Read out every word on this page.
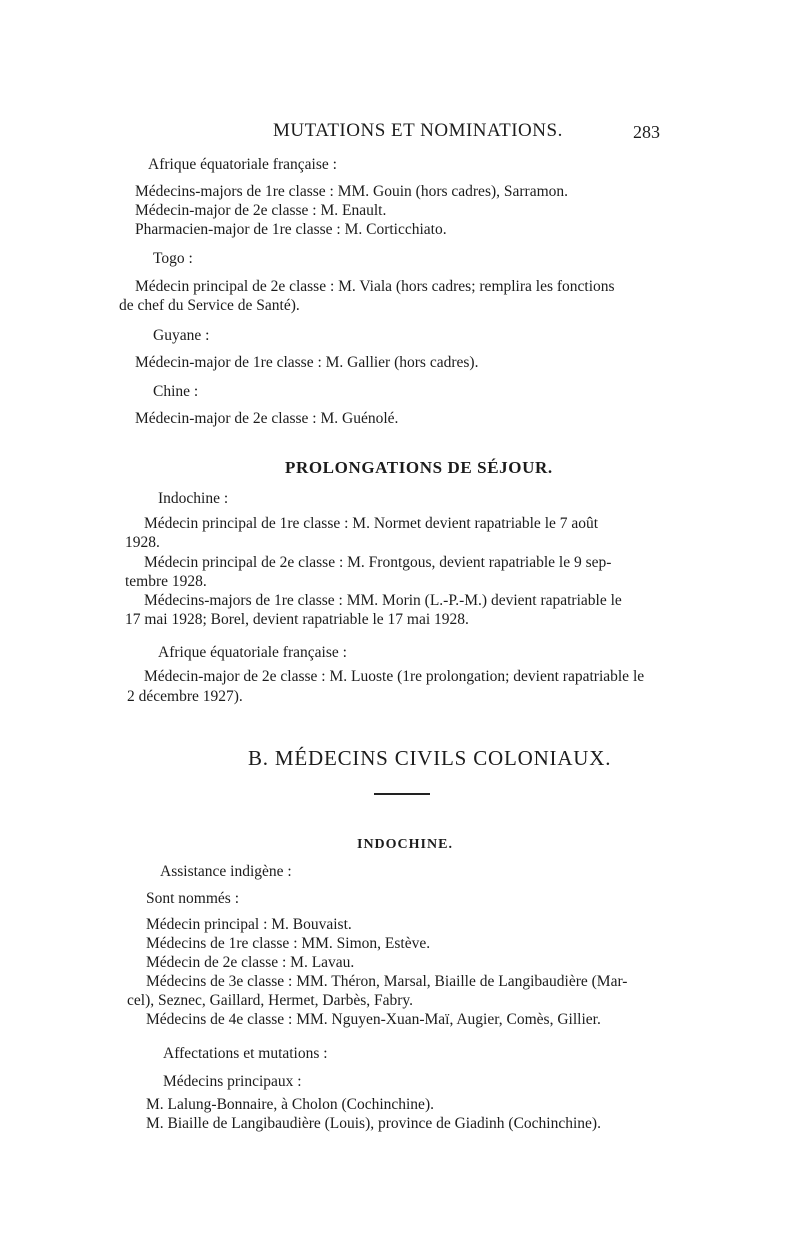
MUTATIONS ET NOMINATIONS.	283
Afrique équatoriale française :
Médecins-majors de 1re classe : MM. Gouin (hors cadres), Sarramon.
Médecin-major de 2e classe : M. Enault.
Pharmacien-major de 1re classe : M. Corticchiato.
Togo :
Médecin principal de 2e classe : M. Viala (hors cadres; remplira les fonctions
de chef du Service de Santé).
Guyane :
Médecin-major de 1re classe : M. Gallier (hors cadres).
Chine :
Médecin-major de 2e classe : M. Guénolé.
PROLONGATIONS DE SÉJOUR.
Indochine :
Médecin principal de 1re classe : M. Normet devient rapatriable le 7 août
1928.
Médecin principal de 2e classe : M. Frontgous, devient rapatriable le 9 sep-
tembre 1928.
Médecins-majors de 1re classe : MM. Morin (L.-P.-M.) devient rapatriable le
17 mai 1928; Borel, devient rapatriable le 17 mai 1928.
Afrique équatoriale française :
Médecin-major de 2e classe : M. Luoste (1re prolongation; devient rapatriable le
2 décembre 1927).
B. MÉDECINS CIVILS COLONIAUX.
INDOCHINE.
Assistance indigène :
Sont nommés :
Médecin principal : M. Bouvaist.
Médecins de 1re classe : MM. Simon, Estève.
Médecin de 2e classe : M. Lavau.
Médecins de 3e classe : MM. Théron, Marsal, Biaille de Langibaudière (Mar-
cel), Seznec, Gaillard, Hermet, Darbès, Fabry.
Médecins de 4e classe : MM. Nguyen-Xuan-Maï, Augier, Comès, Gillier.
Affectations et mutations :
Médecins principaux :
M. Lalung-Bonnaire, à Cholon (Cochinchine).
M. Biaille de Langibaudière (Louis), province de Giadinh (Cochinchine).
